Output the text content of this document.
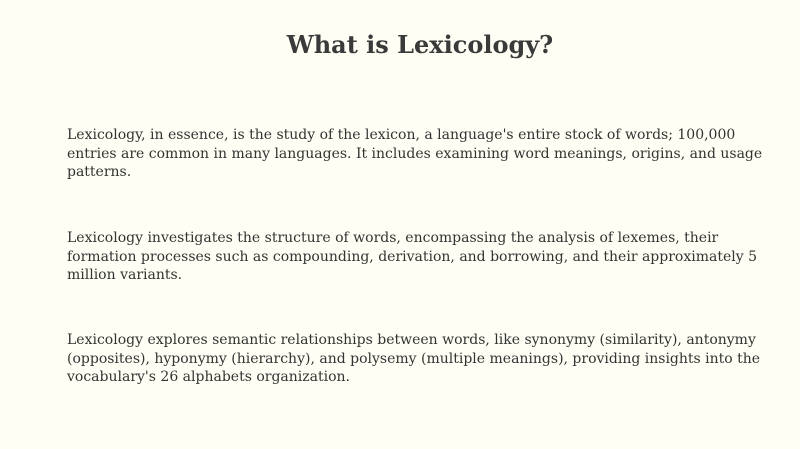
What is Lexicology?

Lexicology, in essence, is the study of the lexicon, a language's entire stock of words; 100,000 entries are common in many languages. It includes examining word meanings, origins, and usage patterns.

Lexicology investigates the structure of words, encompassing the analysis of lexemes, their formation processes such as compounding, derivation, and borrowing, and their approximately 5 million variants.

Lexicology explores semantic relationships between words, like synonymy (similarity), antonymy (opposites), hyponymy (hierarchy), and polysemy (multiple meanings), providing insights into the vocabulary's 26 alphabets organization.
